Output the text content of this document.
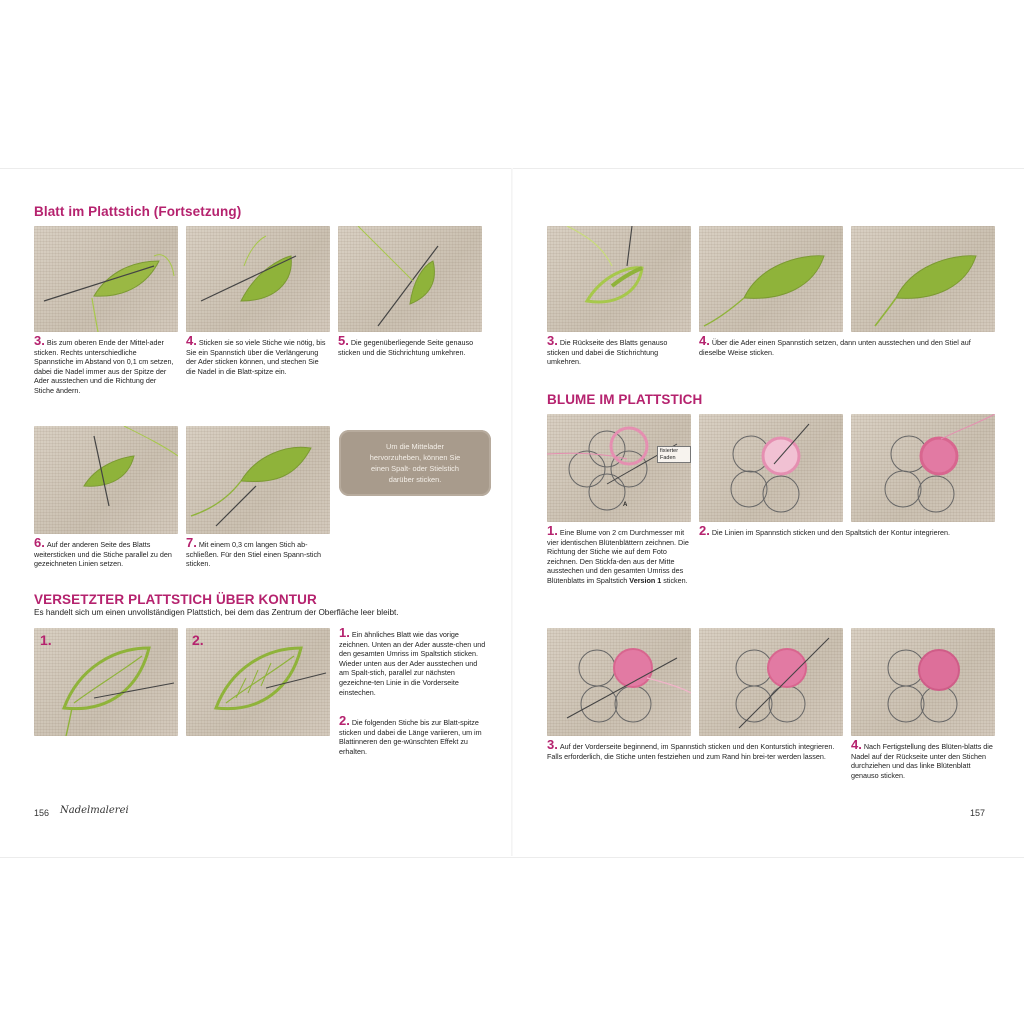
Blatt im Plattstich (Fortsetzung)
3. Bis zum oberen Ende der Mittel-ader sticken. Rechts unterschiedliche Spannstiche im Abstand von 0,1 cm setzen, dabei die Nadel immer aus der Spitze der Ader ausstechen und die Richtung der Stiche ändern.
4. Sticken sie so viele Stiche wie nötig, bis Sie ein Spannstich über die Verlängerung der Ader sticken können, und stechen Sie die Nadel in die Blatt-spitze ein.
5. Die gegenüberliegende Seite genauso sticken und die Stichrichtung umkehren.
Um die Mittelader hervorzuheben, können Sie einen Spalt- oder Stielstich darüber sticken.
6. Auf der anderen Seite des Blatts weitersticken und die Stiche parallel zu den gezeichneten Linien setzen.
7. Mit einem 0,3 cm langen Stich ab-schließen. Für den Stiel einen Spann-stich sticken.
VERSETZTER PLATTSTICH ÜBER KONTUR
Es handelt sich um einen unvollständigen Plattstich, bei dem das Zentrum der Oberfläche leer bleibt.
1.	2.	1. Ein ähnliches Blatt wie das vorige zeichnen. Unten an der Ader ausste-chen und den gesamten Umriss im Spaltstich sticken. Wieder unten aus der Ader ausstechen und am Spalt-stich, parallel zur nächsten gezeichne-ten Linie in die Vorderseite einstechen.
2. Die folgenden Stiche bis zur Blatt-spitze sticken und dabei die Länge variieren, um im Blattinneren den ge-wünschten Effekt zu erhalten.
156 Nadelmalerei
3. Die Rückseite des Blatts genauso sticken und dabei die Stichrichtung umkehren.
4. Über die Ader einen Spannstich setzen, dann unten ausstechen und den Stiel auf dieselbe Weise sticken.
BLUME IM PLATTSTICH
fixierter Faden
A
1. Eine Blume von 2 cm Durchmesser mit vier identischen Blütenblättern zeichnen. Die Richtung der Stiche wie auf dem Foto zeichnen. Den Stickfa-den aus der Mitte ausstechen und den gesamten Umriss des Blütenblatts im Spaltstich Version 1 sticken.
2. Die Linien im Spannstich sticken und den Spaltstich der Kontur integrieren.
3. Auf der Vorderseite beginnend, im Spannstich sticken und den Konturstich integrieren. Falls erforderlich, die Stiche unten festziehen und zum Rand hin brei-ter werden lassen.
4. Nach Fertigstellung des Blüten-blatts die Nadel auf der Rückseite unter den Stichen durchziehen und das linke Blütenblatt genauso sticken.
157
